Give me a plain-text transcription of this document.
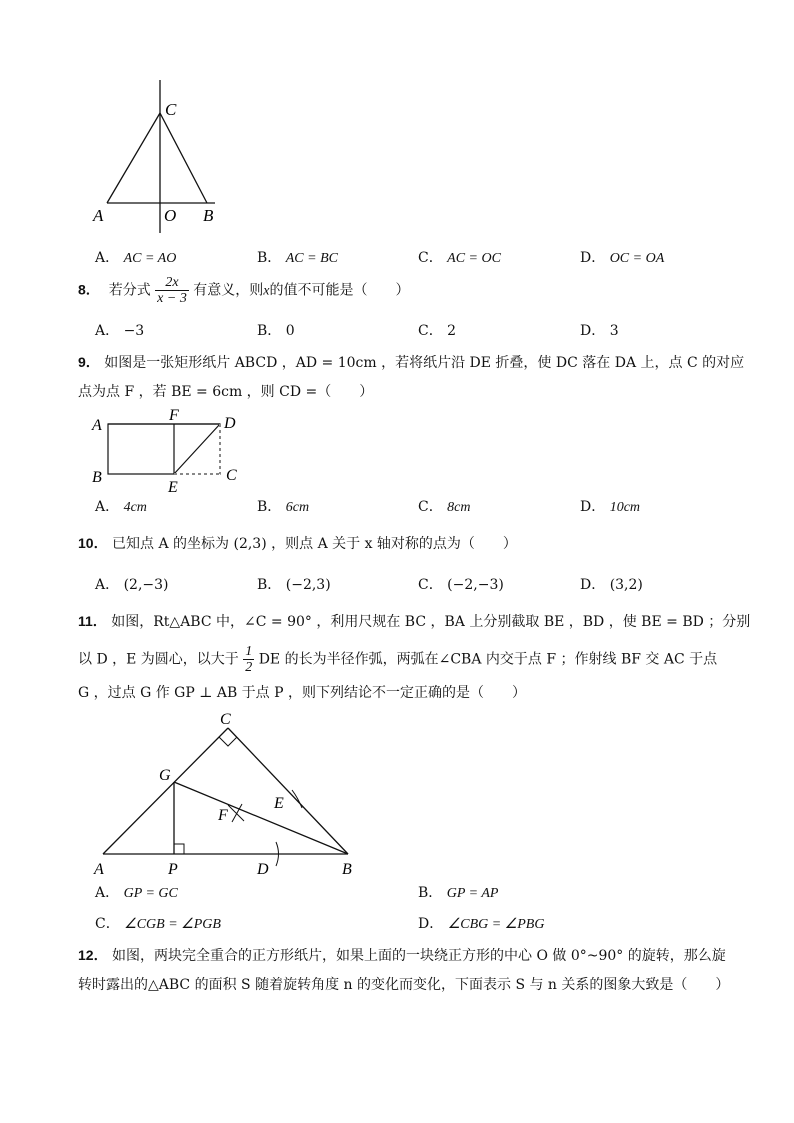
C
A	O B
A． AC = AO	B． AC = BC	C． AC = OC	D． OC = OA
8． 若分式 $\frac{2x}{x - 3}$ 有意义，则x的值不可能是（　　）
A． −3	B． 0	C． 2	D． 3
9． 如图是一张矩形纸片 ABCD ，AD = 10cm ，若将纸片沿 DE 折叠，使 DC 落在 DA 上，点 C 的对应
点为点 F ，若 BE = 6cm ，则 CD =（　　）
A
F	D
B
E
C
A． 4cm	B． 6cm	C． 8cm	D． 10cm
10． 已知点 A 的坐标为 (2,3) ，则点 A 关于 x 轴对称的点为（　　）
A． (2,−3)	B． (−2,3)	C． (−2,−3)	D． (3,2)
11． 如图，Rt△ABC 中，∠C = 90° ，利用尺规在 BC ，BA 上分别截取 BE ，BD ，使 BE = BD ；分别
以 D ，E 为圆心，以大于 $\frac{1}{2}$ DE 的长为半径作弧，两弧在∠CBA 内交于点 F ；作射线 BF 交 AC 于点
G ，过点 G 作 GP ⊥ AB 于点 P ，则下列结论不一定正确的是（　　）
C
G
E
F
A	P	D	B
A． GP = GC	B． GP = AP
C． ∠CGB = ∠PGB	D． ∠CBG = ∠PBG
12． 如图，两块完全重合的正方形纸片，如果上面的一块绕正方形的中心 O 做 0°~90° 的旋转，那么旋
转时露出的△ABC 的面积 S 随着旋转角度 n 的变化而变化，下面表示 S 与 n 关系的图象大致是（　　）
